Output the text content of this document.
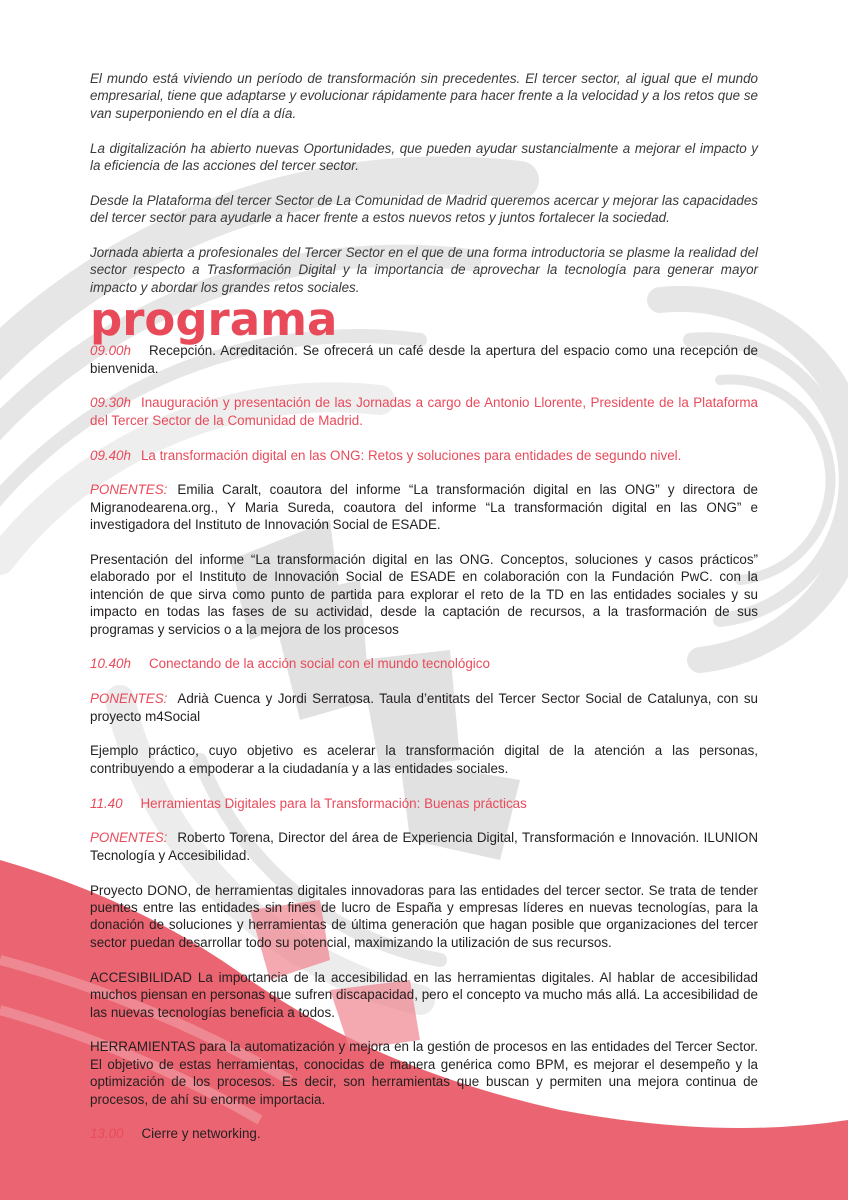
El mundo está viviendo un período de transformación sin precedentes. El tercer sector, al igual que el mundo empresarial, tiene que adaptarse y evolucionar rápidamente para hacer frente a la velocidad y a los retos que se van superponiendo en el día a día.

La digitalización ha abierto nuevas Oportunidades, que pueden ayudar sustancialmente a mejorar el impacto y la eficiencia de las acciones del tercer sector.

Desde la Plataforma del tercer Sector de La Comunidad de Madrid queremos acercar y mejorar las capacidades del tercer sector para ayudarle a hacer frente a estos nuevos retos y juntos fortalecer la sociedad.

Jornada abierta a profesionales del Tercer Sector en el que de una forma introductoria se plasme la realidad del sector respecto a Trasformación Digital y la importancia de aprovechar la tecnología para generar mayor impacto y abordar los grandes retos sociales.

programa

09.00h Recepción. Acreditación. Se ofrecerá un café desde la apertura del espacio como una recepción de bienvenida.

09.30h Inauguración y presentación de las Jornadas a cargo de Antonio Llorente, Presidente de la Plataforma del Tercer Sector de la Comunidad de Madrid.

09.40h La transformación digital en las ONG: Retos y soluciones para entidades de segundo nivel.

PONENTES: Emilia Caralt, coautora del informe “La transformación digital en las ONG” y directora de Migranodearena.org., Y Maria Sureda, coautora del informe “La transformación digital en las ONG” e investigadora del Instituto de Innovación Social de ESADE.

Presentación del informe “La transformación digital en las ONG. Conceptos, soluciones y casos prácticos” elaborado por el Instituto de Innovación Social de ESADE en colaboración con la Fundación PwC. con la intención de que sirva como punto de partida para explorar el reto de la TD en las entidades sociales y su impacto en todas las fases de su actividad, desde la captación de recursos, a la trasformación de sus programas y servicios o a la mejora de los procesos

10.40h Conectando de la acción social con el mundo tecnológico

PONENTES: Adrià Cuenca y Jordi Serratosa. Taula d’entitats del Tercer Sector Social de Catalunya, con su proyecto m4Social

Ejemplo práctico, cuyo objetivo es acelerar la transformación digital de la atención a las personas, contribuyendo a empoderar a la ciudadanía y a las entidades sociales.

11.40 Herramientas Digitales para la Transformación: Buenas prácticas

PONENTES: Roberto Torena, Director del área de Experiencia Digital, Transformación e Innovación. ILUNION Tecnología y Accesibilidad.

Proyecto DONO, de herramientas digitales innovadoras para las entidades del tercer sector. Se trata de tender puentes entre las entidades sin fines de lucro de España y empresas líderes en nuevas tecnologías, para la donación de soluciones y herramientas de última generación que hagan posible que organizaciones del tercer sector puedan desarrollar todo su potencial, maximizando la utilización de sus recursos.

ACCESIBILIDAD La importancia de la accesibilidad en las herramientas digitales. Al hablar de accesibilidad muchos piensan en personas que sufren discapacidad, pero el concepto va mucho más allá. La accesibilidad de las nuevas tecnologías beneficia a todos.

HERRAMIENTAS para la automatización y mejora en la gestión de procesos en las entidades del Tercer Sector. El objetivo de estas herramientas, conocidas de manera genérica como BPM, es mejorar el desempeño y la optimización de los procesos. Es decir, son herramientas que buscan y permiten una mejora continua de procesos, de ahí su enorme importacia.

13.00 Cierre y networking.
